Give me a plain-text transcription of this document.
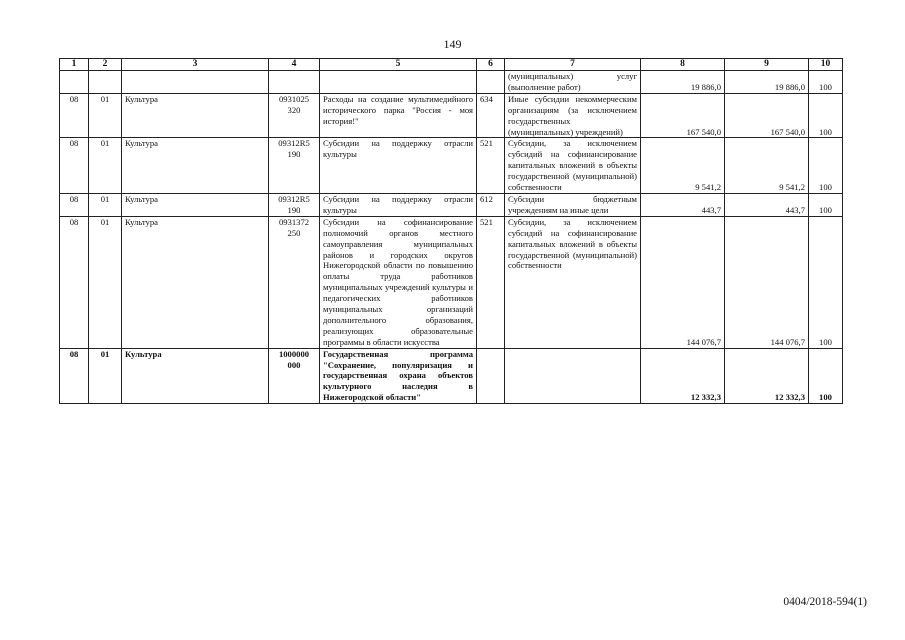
149
1	2	3	4	5	6	7	8	9	10
						(муниципальных) услуг (выполнение работ)	19 886,0	19 886,0	100
08	01	Культура	0931025 320	Расходы на создание мультимедийного исторического парка "Россия - моя история!"	634	Иные субсидии некоммерческим организациям (за исключением государственных (муниципальных) учреждений)	167 540,0	167 540,0	100
08	01	Культура	09312R5 190	Субсидии на поддержку отрасли культуры	521	Субсидии, за исключением субсидий на софинансирование капитальных вложений в объекты государственной (муниципальной) собственности	9 541,2	9 541,2	100
08	01	Культура	09312R5 190	Субсидии на поддержку отрасли культуры	612	Субсидии бюджетным учреждениям на иные цели	443,7	443,7	100
08	01	Культура	0931372 250	Субсидии на софинансирование полномочий органов местного самоуправления муниципальных районов и городских округов Нижегородской области по повышению оплаты труда работников муниципальных учреждений культуры и педагогических работников муниципальных организаций дополнительного образования, реализующих образовательные программы в области искусства	521	Субсидии, за исключением субсидий на софинансирование капитальных вложений в объекты государственной (муниципальной) собственности	144 076,7	144 076,7	100
08	01	Культура	1000000 000	Государственная программа "Сохранение, популяризация и государственная охрана объектов культурного наследия в Нижегородской области"			12 332,3	12 332,3	100
0404/2018-594(1)
